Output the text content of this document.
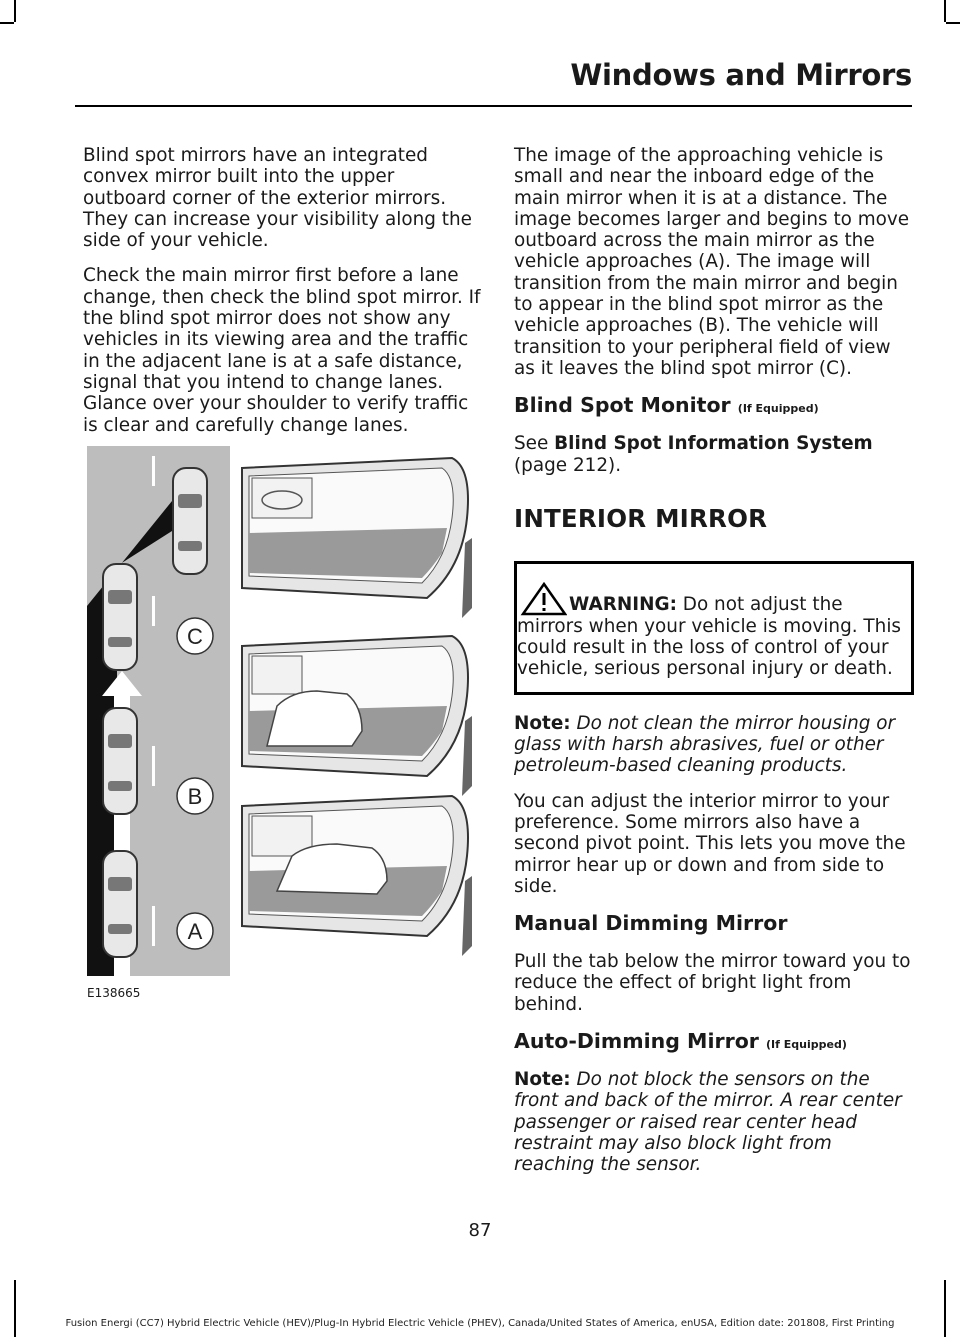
Windows and Mirrors

Blind spot mirrors have an integrated convex mirror built into the upper outboard corner of the exterior mirrors. They can increase your visibility along the side of your vehicle.

Check the main mirror first before a lane change, then check the blind spot mirror. If the blind spot mirror does not show any vehicles in its viewing area and the traffic in the adjacent lane is at a safe distance, signal that you intend to change lanes. Glance over your shoulder to verify traffic is clear and carefully change lanes.

C
B
A
E138665

The image of the approaching vehicle is small and near the inboard edge of the main mirror when it is at a distance. The image becomes larger and begins to move outboard across the main mirror as the vehicle approaches (A). The image will transition from the main mirror and begin to appear in the blind spot mirror as the vehicle approaches (B). The vehicle will transition to your peripheral field of view as it leaves the blind spot mirror (C).

Blind Spot Monitor (If Equipped)

See Blind Spot Information System (page 212).

INTERIOR MIRROR

WARNING: Do not adjust the mirrors when your vehicle is moving. This could result in the loss of control of your vehicle, serious personal injury or death.

Note: Do not clean the mirror housing or glass with harsh abrasives, fuel or other petroleum-based cleaning products.

You can adjust the interior mirror to your preference. Some mirrors also have a second pivot point. This lets you move the mirror hear up or down and from side to side.

Manual Dimming Mirror

Pull the tab below the mirror toward you to reduce the effect of bright light from behind.

Auto-Dimming Mirror (If Equipped)

Note: Do not block the sensors on the front and back of the mirror. A rear center passenger or raised rear center head restraint may also block light from reaching the sensor.

87
Fusion Energi (CC7) Hybrid Electric Vehicle (HEV)/Plug-In Hybrid Electric Vehicle (PHEV), Canada/United States of America, enUSA, Edition date: 201808, First Printing
